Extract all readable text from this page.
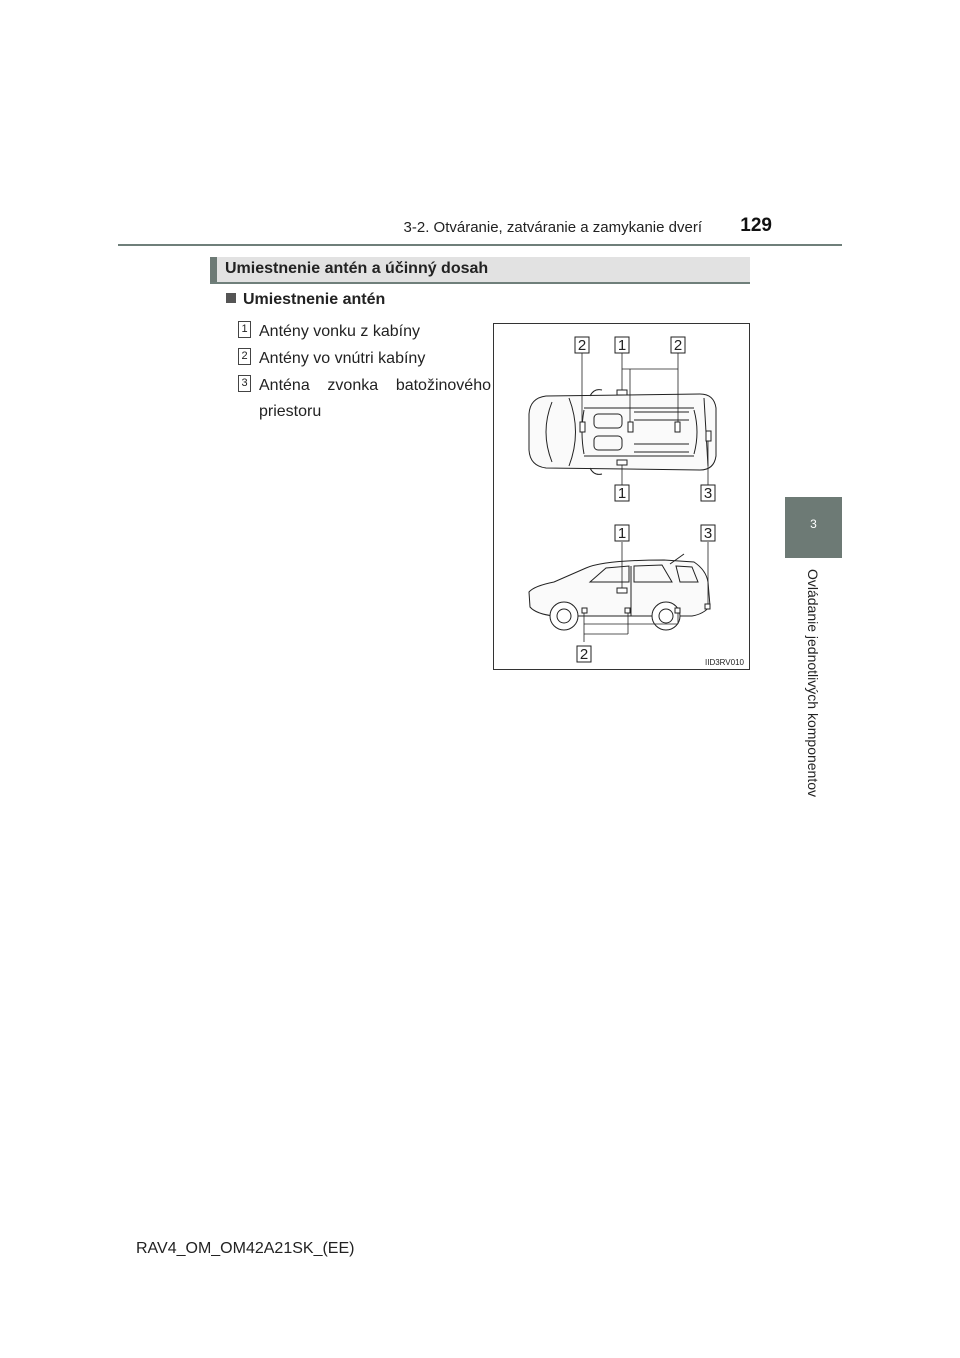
3-2. Otváranie, zatváranie a zamykanie dverí	129
3
Ovládanie jednotlivých komponentov
Umiestnenie antén a účinný dosah
Umiestnenie antén
1 Antény vonku z kabíny
2 Antény vo vnútri kabíny
3 Anténa zvonka batožinového
priestoru
2 1	2
1	3
1	3
2	IID3RV010
RAV4_OM_OM42A21SK_(EE)
